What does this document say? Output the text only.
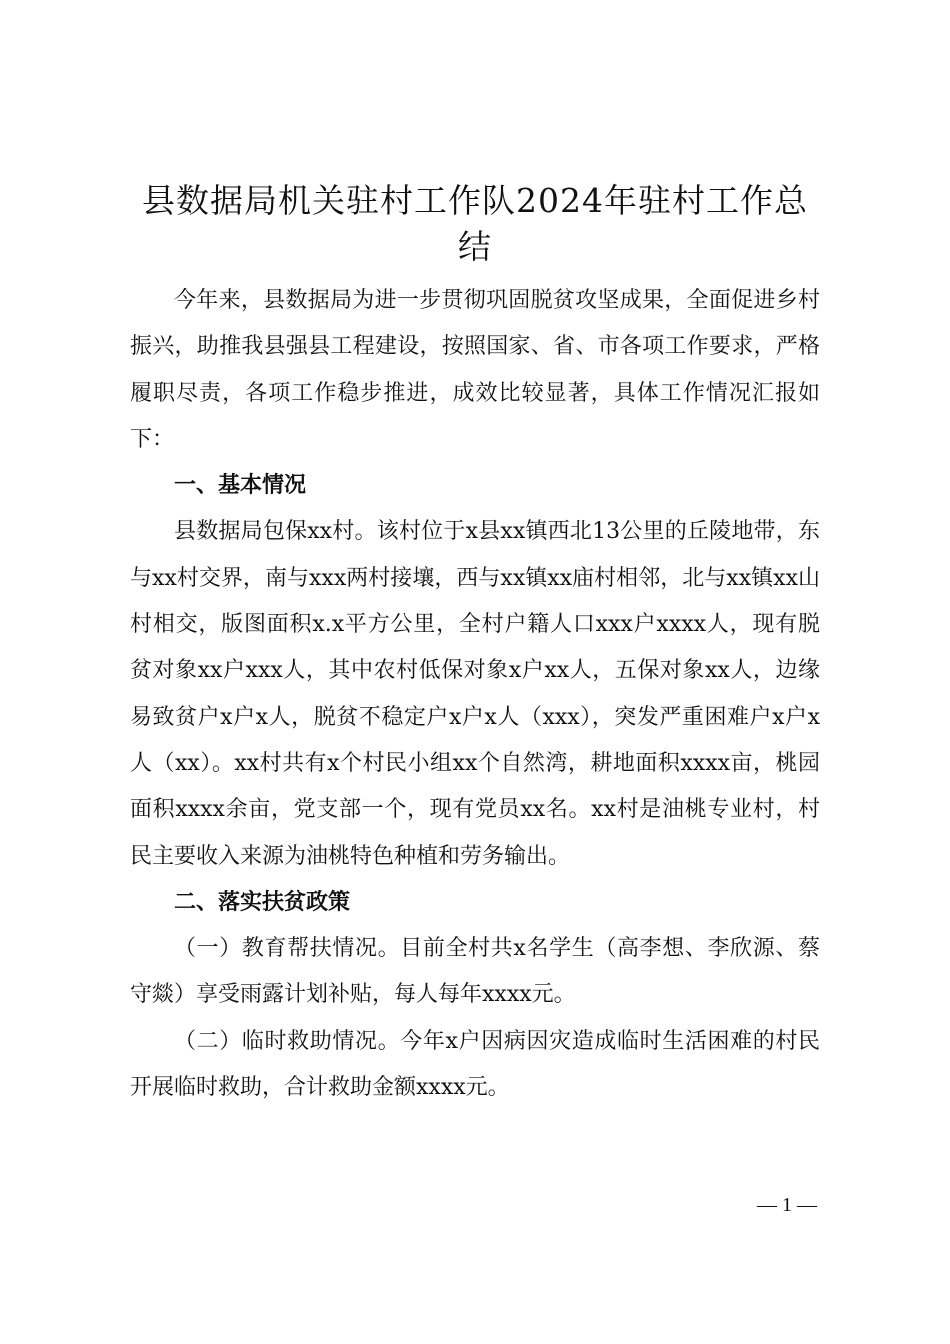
县数据局机关驻村工作队2024年驻村工作总结

今年来，县数据局为进一步贯彻巩固脱贫攻坚成果，全面促进乡村振兴，助推我县强县工程建设，按照国家、省、市各项工作要求，严格履职尽责，各项工作稳步推进，成效比较显著，具体工作情况汇报如下：

一、基本情况

县数据局包保xx村。该村位于x县xx镇西北13公里的丘陵地带，东与xx村交界，南与xxx两村接壤，西与xx镇xx庙村相邻，北与xx镇xx山村相交，版图面积x.x平方公里，全村户籍人口xxx户xxxx人，现有脱贫对象xx户xxx人，其中农村低保对象x户xx人，五保对象xx人，边缘易致贫户x户x人，脱贫不稳定户x户x人（xxx），突发严重困难户x户x人（xx）。xx村共有x个村民小组xx个自然湾，耕地面积xxxx亩，桃园面积xxxx余亩，党支部一个，现有党员xx名。xx村是油桃专业村，村民主要收入来源为油桃特色种植和劳务输出。

二、落实扶贫政策

（一）教育帮扶情况。目前全村共x名学生（高李想、李欣源、蔡守燚）享受雨露计划补贴，每人每年xxxx元。

（二）临时救助情况。今年x户因病因灾造成临时生活困难的村民开展临时救助，合计救助金额xxxx元。

— 1 —
